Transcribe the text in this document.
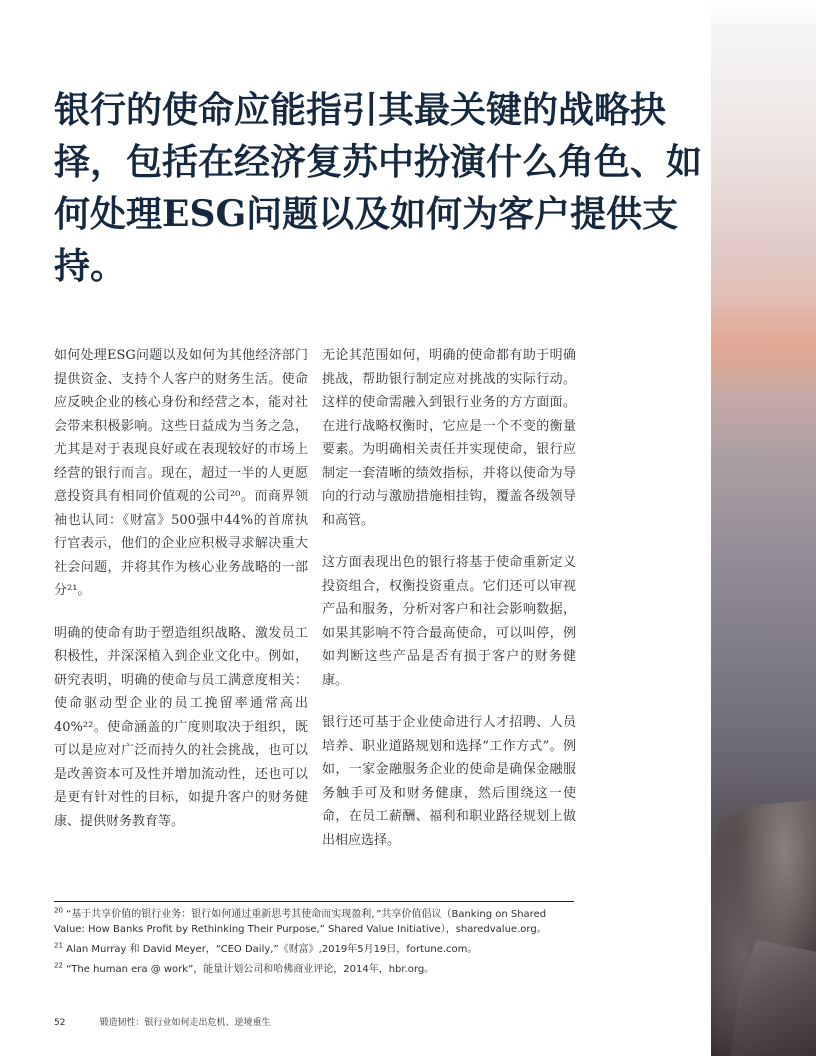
银行的使命应能指引其最关键的战略抉择，包括在经济复苏中扮演什么角色、如何处理ESG问题以及如何为客户提供支持。

如何处理ESG问题以及如何为其他经济部门提供资金、支持个人客户的财务生活。使命应反映企业的核心身份和经营之本，能对社会带来积极影响。这些日益成为当务之急，尤其是对于表现良好或在表现较好的市场上经营的银行而言。现在，超过一半的人更愿意投资具有相同价值观的公司²⁰。而商界领袖也认同：《财富》500强中44%的首席执行官表示，他们的企业应积极寻求解决重大社会问题，并将其作为核心业务战略的一部分²¹。

明确的使命有助于塑造组织战略、激发员工积极性，并深深植入到企业文化中。例如，研究表明，明确的使命与员工满意度相关：使命驱动型企业的员工挽留率通常高出40%²²。使命涵盖的广度则取决于组织，既可以是应对广泛而持久的社会挑战，也可以是改善资本可及性并增加流动性，还也可以是更有针对性的目标，如提升客户的财务健康、提供财务教育等。

无论其范围如何，明确的使命都有助于明确挑战，帮助银行制定应对挑战的实际行动。这样的使命需融入到银行业务的方方面面。在进行战略权衡时，它应是一个不变的衡量要素。为明确相关责任并实现使命，银行应制定一套清晰的绩效指标，并将以使命为导向的行动与激励措施相挂钩，覆盖各级领导和高管。

这方面表现出色的银行将基于使命重新定义投资组合，权衡投资重点。它们还可以审视产品和服务，分析对客户和社会影响数据，如果其影响不符合最高使命，可以叫停，例如判断这些产品是否有损于客户的财务健康。

银行还可基于企业使命进行人才招聘、人员培养、职业道路规划和选择“工作方式”。例如，一家金融服务企业的使命是确保金融服务触手可及和财务健康，然后围绕这一使命，在员工薪酬、福利和职业路径规划上做出相应选择。

$^{20}$ “基于共享价值的银行业务：银行如何通过重新思考其使命而实现盈利，”共享价值倡议（Banking on Shared Value: How Banks Profit by Rethinking Their Purpose,” Shared Value Initiative），sharedvalue.org。
$^{21}$ Alan Murray 和 David Meyer，“CEO Daily,”《财富》,2019年5月19日，fortune.com。
$^{22}$ “The human era @ work”，能量计划公司和哈佛商业评论，2014年，hbr.org。
52	锻造韧性：银行业如何走出危机、逆境重生
